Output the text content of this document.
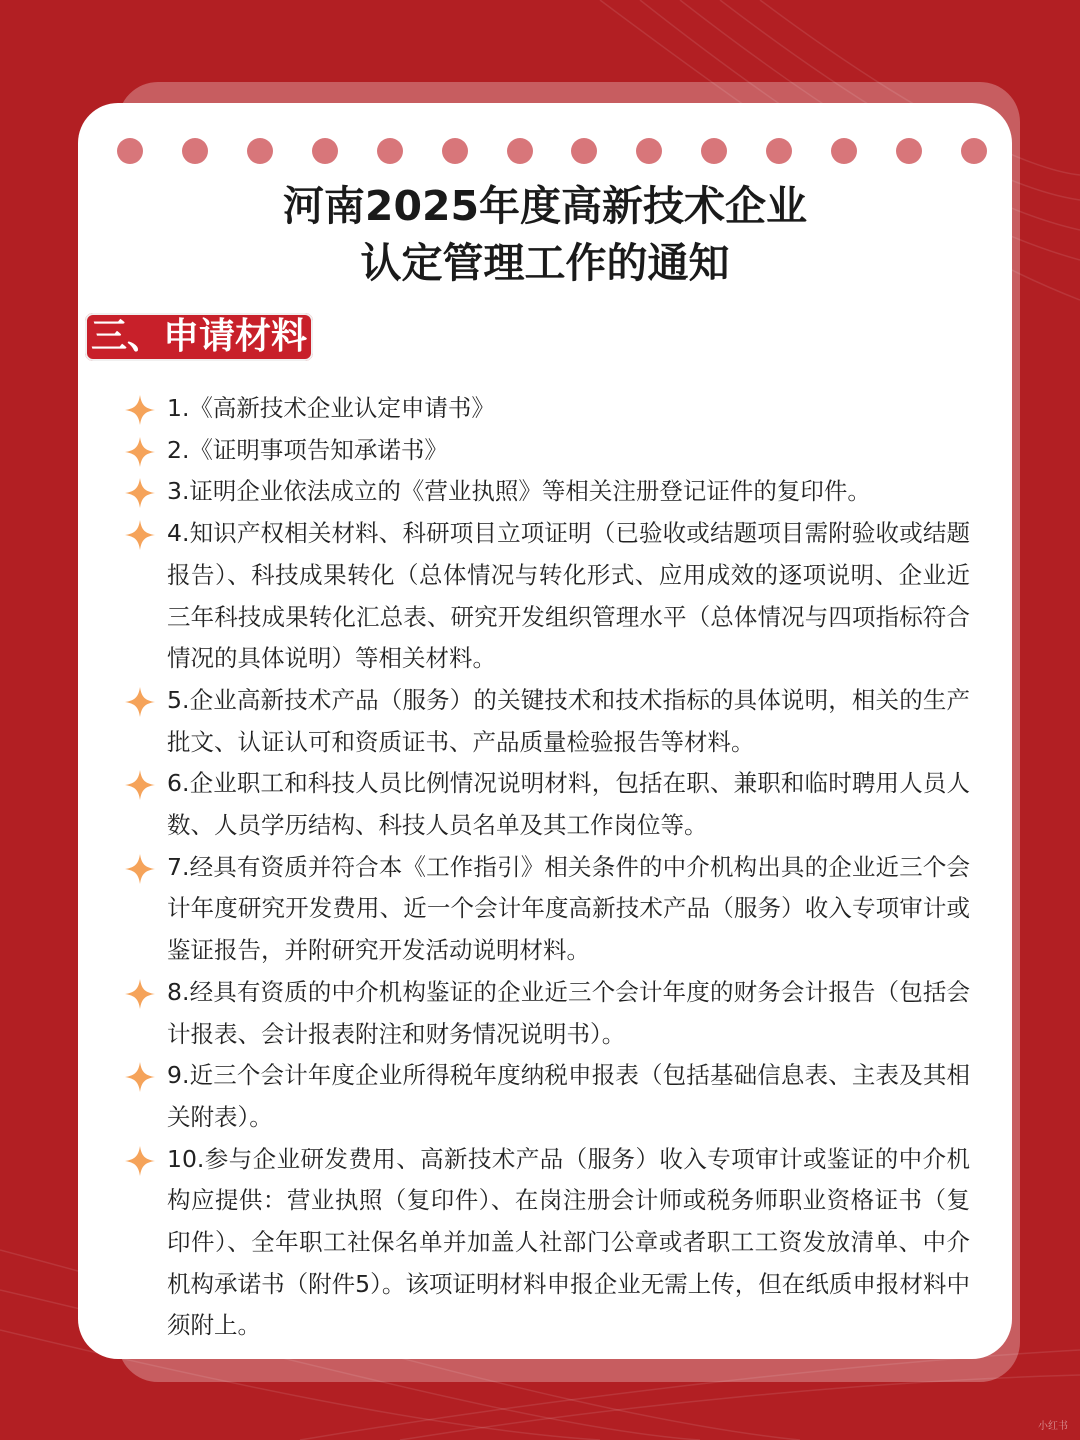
河南2025年度高新技术企业
认定管理工作的通知
三、申请材料
1.《高新技术企业认定申请书》
2.《证明事项告知承诺书》
3.证明企业依法成立的《营业执照》等相关注册登记证件的复印件。
4.知识产权相关材料、科研项目立项证明（已验收或结题项目需附验收或结题报告）、科技成果转化（总体情况与转化形式、应用成效的逐项说明、企业近三年科技成果转化汇总表、研究开发组织管理水平（总体情况与四项指标符合情况的具体说明）等相关材料。
5.企业高新技术产品（服务）的关键技术和技术指标的具体说明，相关的生产批文、认证认可和资质证书、产品质量检验报告等材料。
6.企业职工和科技人员比例情况说明材料，包括在职、兼职和临时聘用人员人数、人员学历结构、科技人员名单及其工作岗位等。
7.经具有资质并符合本《工作指引》相关条件的中介机构出具的企业近三个会计年度研究开发费用、近一个会计年度高新技术产品（服务）收入专项审计或鉴证报告，并附研究开发活动说明材料。
8.经具有资质的中介机构鉴证的企业近三个会计年度的财务会计报告（包括会计报表、会计报表附注和财务情况说明书）。
9.近三个会计年度企业所得税年度纳税申报表（包括基础信息表、主表及其相关附表）。
10.参与企业研发费用、高新技术产品（服务）收入专项审计或鉴证的中介机构应提供：营业执照（复印件）、在岗注册会计师或税务师职业资格证书（复印件）、全年职工社保名单并加盖人社部门公章或者职工工资发放清单、中介机构承诺书（附件5）。该项证明材料申报企业无需上传，但在纸质申报材料中须附上。
小红书
